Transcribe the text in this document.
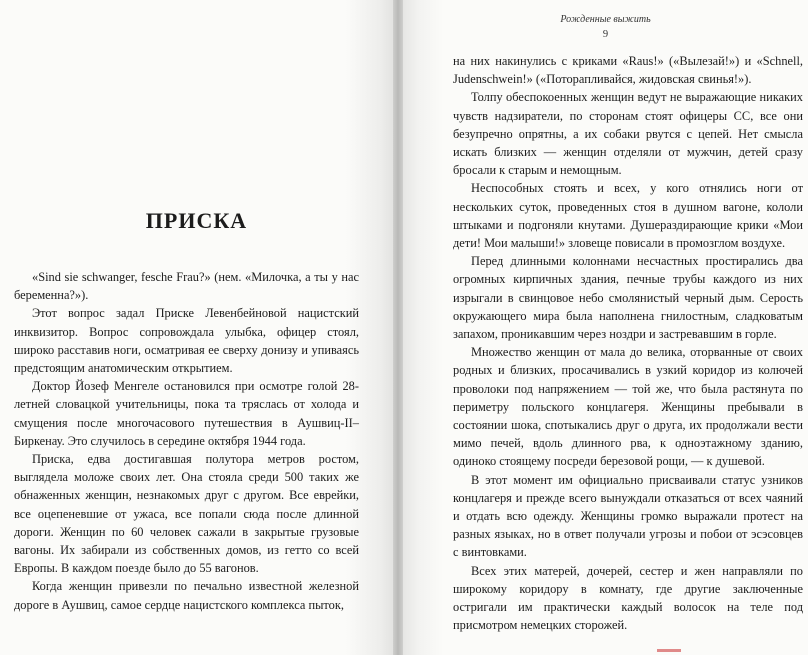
ПРИСКА

«Sind sie schwanger, fesche Frau?» (нем. «Милочка, а ты у нас беременна?»).

Этот вопрос задал Приске Левенбейновой нацистский инквизитор. Вопрос сопровождала улыбка, офицер стоял, широко расставив ноги, осматривая ее сверху донизу и упиваясь предстоящим анатомическим открытием.

Доктор Йозеф Менгеле остановился при осмотре голой 28-летней словацкой учительницы, пока та тряслась от холода и смущения после многочасового путешествия в Аушвиц-II–Биркенау. Это случилось в середине октября 1944 года.

Приска, едва достигавшая полутора метров ростом, выглядела моложе своих лет. Она стояла среди 500 таких же обнаженных женщин, незнакомых друг с другом. Все еврейки, все оцепеневшие от ужаса, все попали сюда после длинной дороги. Женщин по 60 человек сажали в закрытые грузовые вагоны. Их забирали из собственных домов, из гетто со всей Европы. В каждом поезде было до 55 вагонов.

Когда женщин привезли по печально известной железной дороге в Аушвиц, самое сердце нацистского комплекса пыток,

Рожденные выжить
9

на них накинулись с криками «Raus!» («Вылезай!») и «Schnell, Judenschwein!» («Поторапливайся, жидовская свинья!»).

Толпу обеспокоенных женщин ведут не выражающие никаких чувств надзиратели, по сторонам стоят офицеры СС, все они безупречно опрятны, а их собаки рвутся с цепей. Нет смысла искать близких — женщин отделяли от мужчин, детей сразу бросали к старым и немощным.

Неспособных стоять и всех, у кого отнялись ноги от нескольких суток, проведенных стоя в душном вагоне, кололи штыками и подгоняли кнутами. Душераздирающие крики «Мои дети! Мои малыши!» зловеще повисали в промозглом воздухе.

Перед длинными колоннами несчастных простирались два огромных кирпичных здания, печные трубы каждого из них изрыгали в свинцовое небо смолянистый черный дым. Серость окружающего мира была наполнена гнилостным, сладковатым запахом, проникавшим через ноздри и застревавшим в горле.

Множество женщин от мала до велика, оторванные от своих родных и близких, просачивались в узкий коридор из колючей проволоки под напряжением — той же, что была растянута по периметру польского концлагеря. Женщины пребывали в состоянии шока, спотыкались друг о друга, их продолжали вести мимо печей, вдоль длинного рва, к одноэтажному зданию, одиноко стоящему посреди березовой рощи, — к душевой.

В этот момент им официально присваивали статус узников концлагеря и прежде всего вынуждали отказаться от всех чаяний и отдать всю одежду. Женщины громко выражали протест на разных языках, но в ответ получали угрозы и побои от эсэсовцев с винтовками.

Всех этих матерей, дочерей, сестер и жен направляли по широкому коридору в комнату, где другие заключенные остригали им практически каждый волосок на теле под присмотром немецких сторожей.
